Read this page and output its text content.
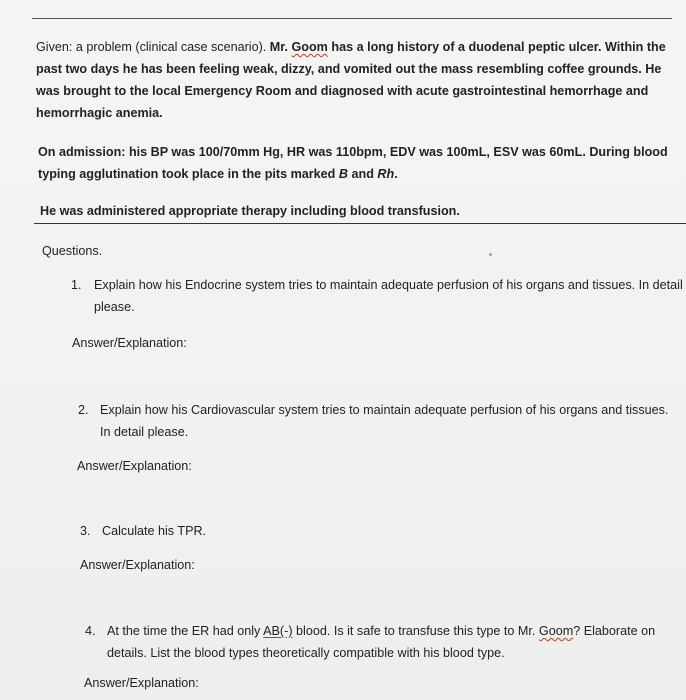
Given: a problem (clinical case scenario). Mr. Goom has a long history of a duodenal peptic ulcer. Within the past two days he has been feeling weak, dizzy, and vomited out the mass resembling coffee grounds. He was brought to the local Emergency Room and diagnosed with acute gastrointestinal hemorrhage and hemorrhagic anemia.
On admission: his BP was 100/70mm Hg, HR was 110bpm, EDV was 100mL, ESV was 60mL. During blood typing agglutination took place in the pits marked B and Rh.
He was administered appropriate therapy including blood transfusion.
Questions.
1. Explain how his Endocrine system tries to maintain adequate perfusion of his organs and tissues. In detail please.
Answer/Explanation:
2. Explain how his Cardiovascular system tries to maintain adequate perfusion of his organs and tissues. In detail please.
Answer/Explanation:
3. Calculate his TPR.
Answer/Explanation:
4. At the time the ER had only AB(-) blood. Is it safe to transfuse this type to Mr. Goom? Elaborate on details. List the blood types theoretically compatible with his blood type.
Answer/Explanation:
